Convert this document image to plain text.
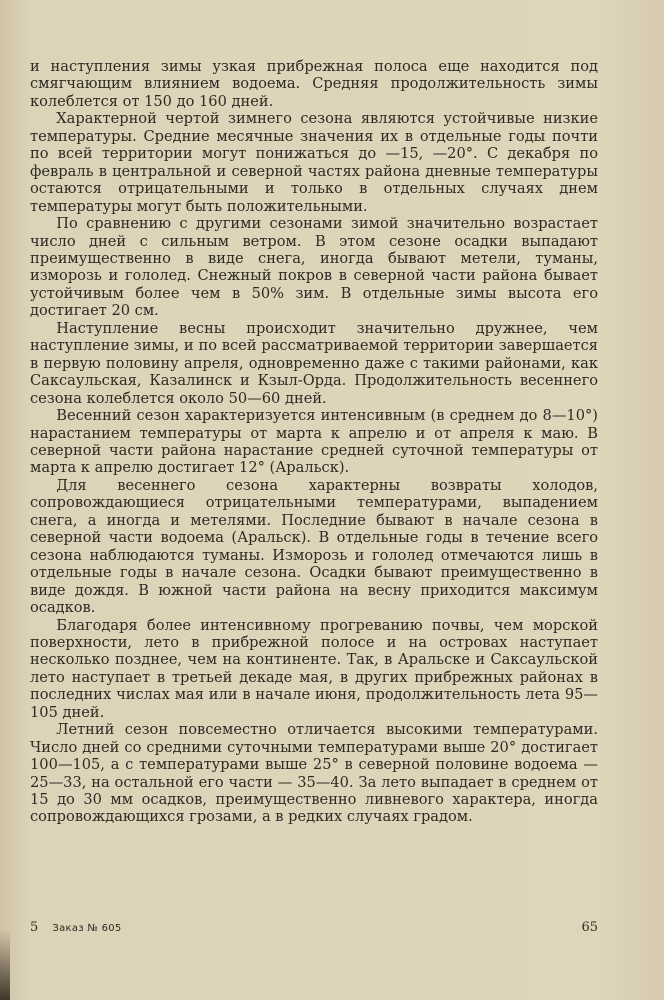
и наступления зимы узкая прибрежная полоса еще находится под смягчающим влиянием водоема. Средняя продолжительность зимы колеблется от 150 до 160 дней.

Характерной чертой зимнего сезона являются устойчивые низкие температуры. Средние месячные значения их в отдельные годы почти по всей территории могут понижаться до —15, —20°. С декабря по февраль в центральной и северной частях района дневные температуры остаются отрицательными и только в отдельных случаях днем температуры могут быть положительными.

По сравнению с другими сезонами зимой значительно возрастает число дней с сильным ветром. В этом сезоне осадки выпадают преимущественно в виде снега, иногда бывают метели, туманы, изморозь и гололед. Снежный покров в северной части района бывает устойчивым более чем в 50% зим. В отдельные зимы высота его достигает 20 см.

Наступление весны происходит значительно дружнее, чем наступление зимы, и по всей рассматриваемой территории завершается в первую половину апреля, одновременно даже с такими районами, как Саксаульская, Казалинск и Кзыл-Орда. Продолжительность весеннего сезона колеблется около 50—60 дней.

Весенний сезон характеризуется интенсивным (в среднем до 8—10°) нарастанием температуры от марта к апрелю и от апреля к маю. В северной части района нарастание средней суточной температуры от марта к апрелю достигает 12° (Аральск).

Для весеннего сезона характерны возвраты холодов, сопровождающиеся отрицательными температурами, выпадением снега, а иногда и метелями. Последние бывают в начале сезона в северной части водоема (Аральск). В отдельные годы в течение всего сезона наблюдаются туманы. Изморозь и гололед отмечаются лишь в отдельные годы в начале сезона. Осадки бывают преимущественно в виде дождя. В южной части района на весну приходится максимум осадков.

Благодаря более интенсивному прогреванию почвы, чем морской поверхности, лето в прибрежной полосе и на островах наступает несколько позднее, чем на континенте. Так, в Аральске и Саксаульской лето наступает в третьей декаде мая, в других прибрежных районах в последних числах мая или в начале июня, продолжительность лета 95—105 дней.

Летний сезон повсеместно отличается высокими температурами. Число дней со средними суточными температурами выше 20° достигает 100—105, а с температурами выше 25° в северной половине водоема — 25—33, на остальной его части — 35—40. За лето выпадает в среднем от 15 до 30 мм осадков, преимущественно ливневого характера, иногда сопровождающихся грозами, а в редких случаях градом.

5 Заказ № 605	65
